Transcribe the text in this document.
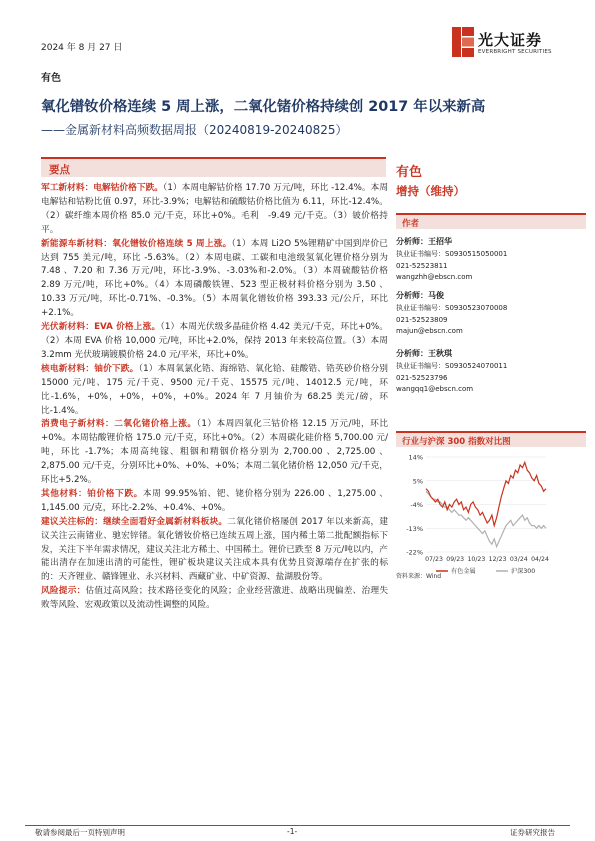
2024 年 8 月 27 日	光大证券
EVERBRIGHT SECURITIES
有色
氧化镨钕价格连续 5 周上涨，二氧化锗价格持续创 2017 年以来新高
——金属新材料高频数据周报（20240819-20240825）
要点

军工新材料：电解钴价格下跌。（1）本周电解钴价格 17.70 万元/吨，环比 -12.4%。本周电解钴和钴粉比值 0.97，环比-3.9%；电解钴和硫酸钴价格比值为 6.11，环比-12.4%。（2）碳纤维本周价格 85.0 元/千克，环比+0%。毛利　-9.49 元/千克。（3）铍价格持平。

新能源车新材料：氧化镨钕价格连续 5 周上涨。（1）本周 Li2O 5%锂精矿中国到岸价已达到 755 美元/吨，环比 -5.63%。（2）本周电碳、工碳和电池级氢氧化锂价格分别为 7.48 、7.20 和 7.36 万元/吨，环比-3.9%、-3.03%和-2.0%。（3）本周硫酸钴价格 2.89 万元/吨，环比+0%。（4）本周磷酸铁锂、523 型正极材料价格分别为 3.50 、10.33 万元/吨，环比-0.71%、-0.3%。（5）本周氧化镨钕价格 393.33 元/公斤，环比+2.1%。

光伏新材料：EVA 价格上涨。（1）本周光伏级多晶硅价格 4.42 美元/千克，环比+0%。（2）本周 EVA 价格 10,000 元/吨，环比+2.0%，保持 2013 年来较高位置。（3）本周 3.2mm 光伏玻璃镀膜价格 24.0 元/平米，环比+0%。

核电新材料：铀价下跌。（1）本周氧氯化锆、海绵锆、氧化铪、硅酸锆、锆英砂价格分别 15000 元/吨、175 元/千克、9500 元/千克、15575 元/吨、14012.5 元/吨，环比-1.6%，+0%，+0%，+0%，+0%。2024 年 7 月铀价为 68.25 美元/磅，环比-1.4%。

消费电子新材料：二氧化锗价格上涨。（1）本周四氧化三钴价格 12.15 万元/吨，环比+0%。本周钴酸锂价格 175.0 元/千克，环比+0%。（2）本周碳化硅价格 5,700.00 元/吨，环比 -1.7%；本周高纯镓、粗铟和精铟价格分别为 2,700.00 、2,725.00 、2,875.00 元/千克，分别环比+0%、+0%、+0%；本周二氧化锗价格 12,050 元/千克，环比+5.2%。

其他材料：铂价格下跌。本周 99.95%铂、钯、铑价格分别为 226.00 、1,275.00 、1,145.00 元/克，环比-2.2%、+0.4%、+0%。

建议关注标的：继续全面看好金属新材料板块。二氧化锗价格屡创 2017 年以来新高，建议关注云南锗业、驰宏锌锗。氧化镨钕价格已连续五周上涨，国内稀土第二批配额指标下发，关注下半年需求情况，建议关注北方稀土、中国稀土。锂价已跌至 8 万元/吨以内，产能出清存在加速出清的可能性，锂矿板块建议关注成本具有优势且资源端存在扩张的标的：天齐锂业、赣锋锂业、永兴材料、西藏矿业、中矿资源、盐湖股份等。

风险提示：估值过高风险；技术路径变化的风险；企业经营激进、战略出现偏差、治理失败等风险、宏观政策以及流动性调整的风险。

有色
增持（维持）
作者
分析师：王招华
执业证书编号：S0930515050001
021-52523811
wangzhh@ebscn.com
分析师：马俊
执业证书编号：S0930523070008
021-52523809
majun@ebscn.com
分析师：王秋琪
执业证书编号：S0930524070011
021-52523796
wangqq1@ebscn.com
行业与沪深 300 指数对比图
14%
5%
-4%
-13%
-22%
07/23 09/23 10/23 12/23 03/24 04/24
有色金属	沪深300
资料来源：Wind
敬请参阅最后一页特别声明	-1-	证券研究报告
